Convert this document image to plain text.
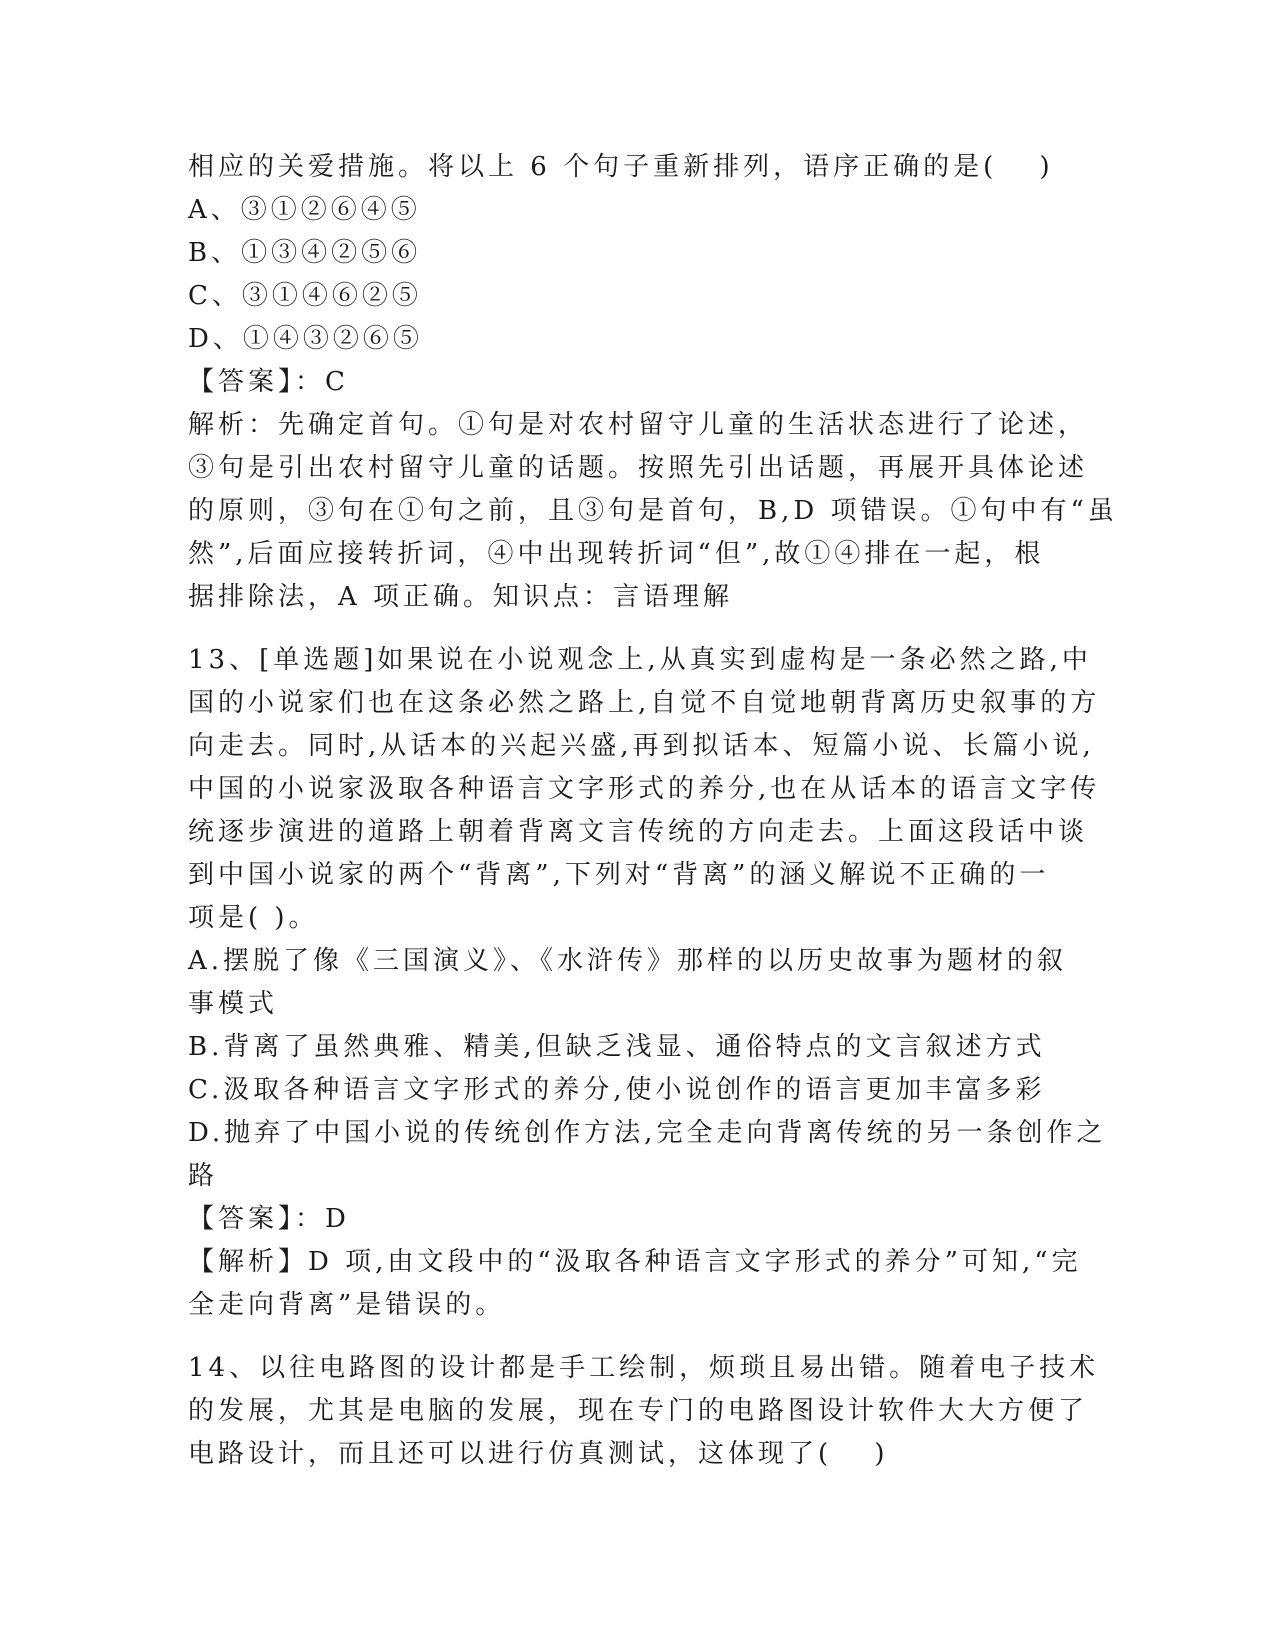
相应的关爱措施。将以上 6 个句子重新排列，语序正确的是(　 )
A、③①②⑥④⑤
B、①③④②⑤⑥
C、③①④⑥②⑤
D、①④③②⑥⑤
【答案】：C
解析：先确定首句。①句是对农村留守儿童的生活状态进行了论述，
③句是引出农村留守儿童的话题。按照先引出话题，再展开具体论述
的原则，③句在①句之前，且③句是首句，B,D 项错误。①句中有“虽
然”,后面应接转折词，④中出现转折词“但”,故①④排在一起，根
据排除法，A 项正确。知识点：言语理解
13、[单选题]如果说在小说观念上,从真实到虚构是一条必然之路,中
国的小说家们也在这条必然之路上,自觉不自觉地朝背离历史叙事的方
向走去。同时,从话本的兴起兴盛,再到拟话本、短篇小说、长篇小说,
中国的小说家汲取各种语言文字形式的养分,也在从话本的语言文字传
统逐步演进的道路上朝着背离文言传统的方向走去。上面这段话中谈
到中国小说家的两个“背离”,下列对“背离”的涵义解说不正确的一
项是( )。
A.摆脱了像《三国演义》、《水浒传》那样的以历史故事为题材的叙
事模式
B.背离了虽然典雅、精美,但缺乏浅显、通俗特点的文言叙述方式
C.汲取各种语言文字形式的养分,使小说创作的语言更加丰富多彩
D.抛弃了中国小说的传统创作方法,完全走向背离传统的另一条创作之
路
【答案】：D
【解析】D 项,由文段中的“汲取各种语言文字形式的养分”可知,“完
全走向背离”是错误的。
14、以往电路图的设计都是手工绘制，烦琐且易出错。随着电子技术
的发展，尤其是电脑的发展，现在专门的电路图设计软件大大方便了
电路设计，而且还可以进行仿真测试，这体现了(　 )
